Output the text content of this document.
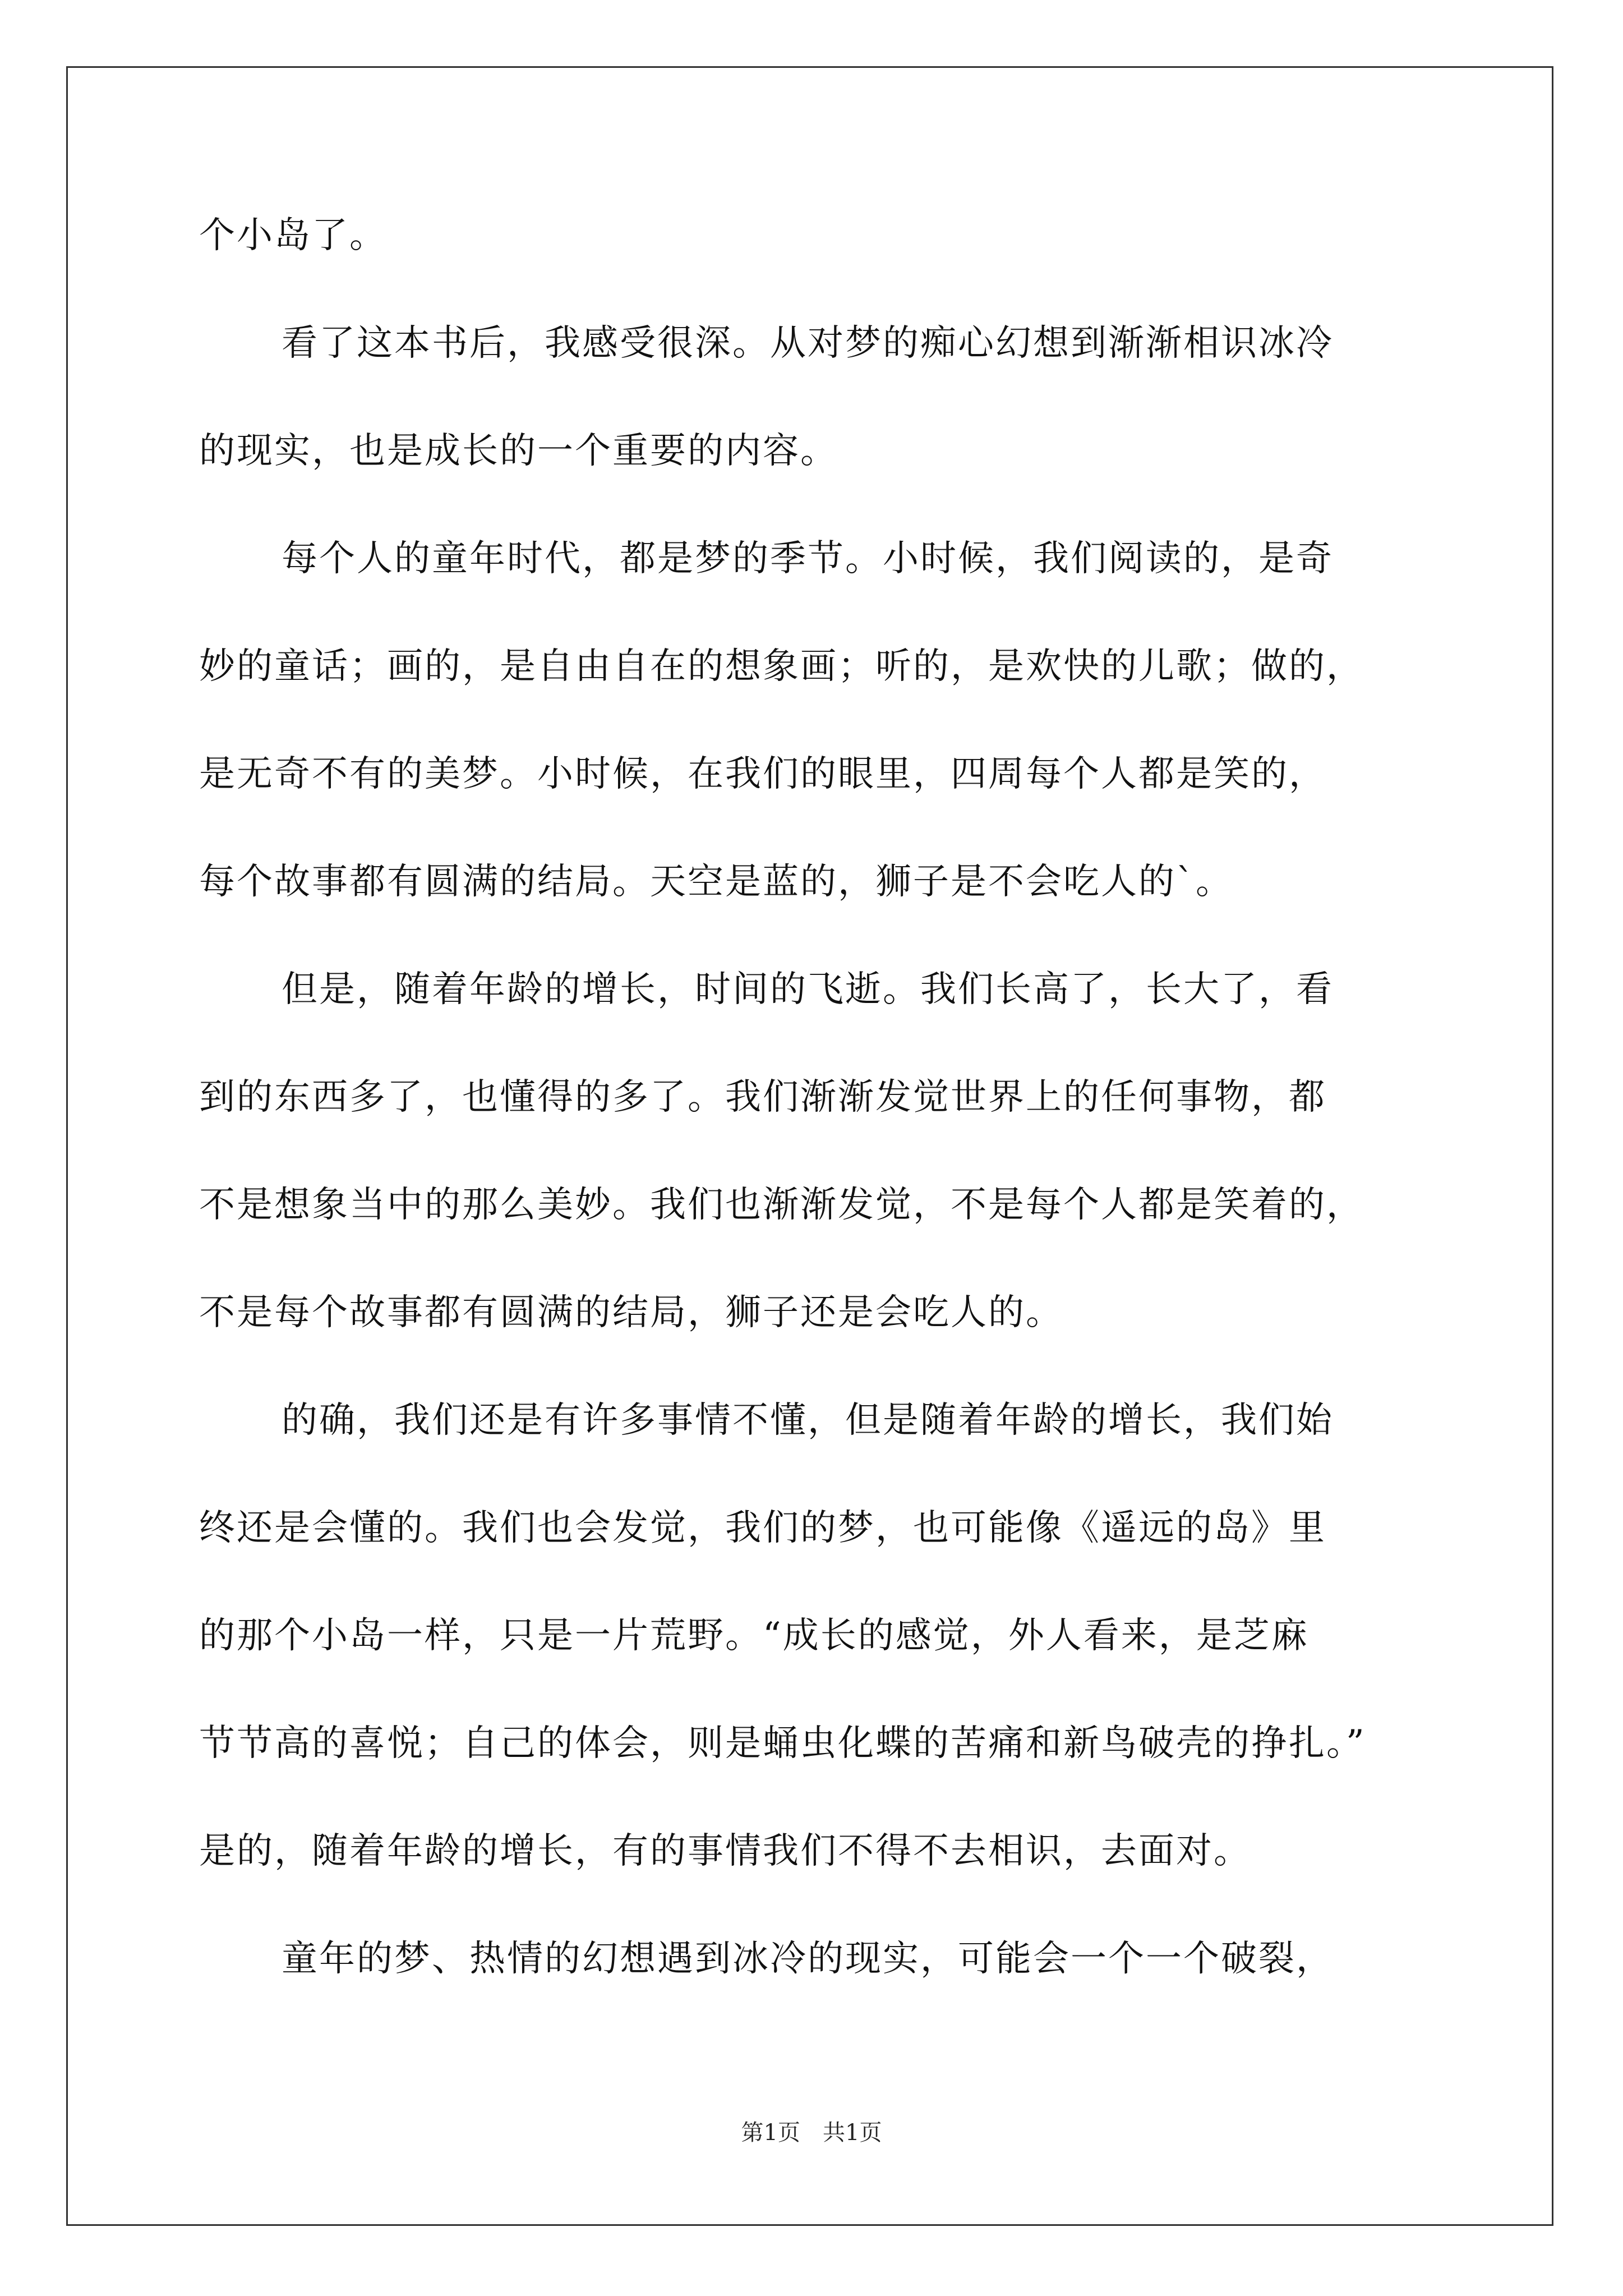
个小岛了。
看了这本书后，我感受很深。从对梦的痴心幻想到渐渐相识冰冷
的现实，也是成长的一个重要的内容。
每个人的童年时代，都是梦的季节。小时候，我们阅读的，是奇
妙的童话；画的，是自由自在的想象画；听的，是欢快的儿歌；做的，
是无奇不有的美梦。小时候，在我们的眼里，四周每个人都是笑的，
每个故事都有圆满的结局。天空是蓝的，狮子是不会吃人的`。
但是，随着年龄的增长，时间的飞逝。我们长高了，长大了，看
到的东西多了，也懂得的多了。我们渐渐发觉世界上的任何事物，都
不是想象当中的那么美妙。我们也渐渐发觉，不是每个人都是笑着的，
不是每个故事都有圆满的结局，狮子还是会吃人的。
的确，我们还是有许多事情不懂，但是随着年龄的增长，我们始
终还是会懂的。我们也会发觉，我们的梦，也可能像《遥远的岛》里
的那个小岛一样，只是一片荒野。“成长的感觉，外人看来，是芝麻
节节高的喜悦；自己的体会，则是蛹虫化蝶的苦痛和新鸟破壳的挣扎。”
是的，随着年龄的增长，有的事情我们不得不去相识，去面对。
童年的梦、热情的幻想遇到冰冷的现实，可能会一个一个破裂，
第1页　共1页
